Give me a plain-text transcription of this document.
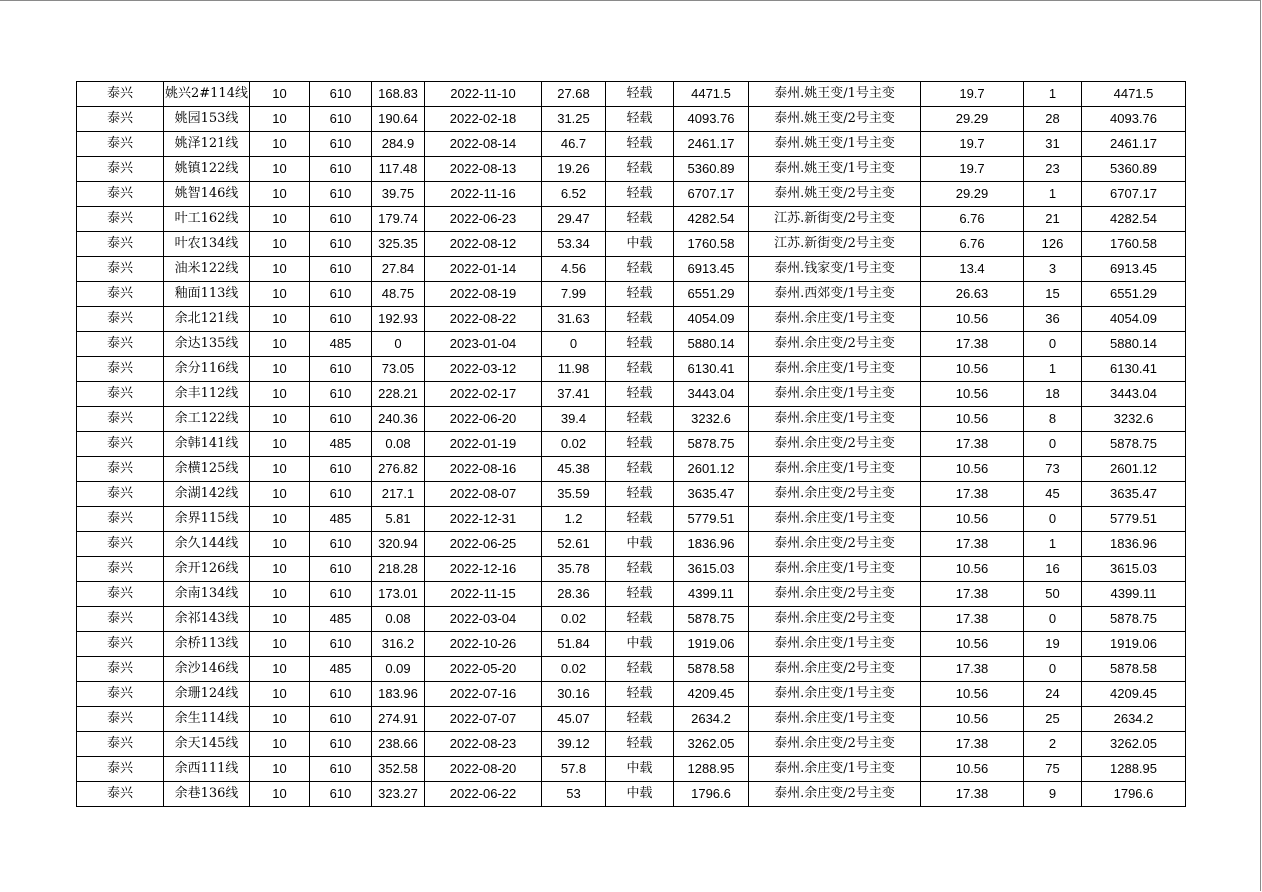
泰兴	姚兴2#114线	10	610	168.83	2022-11-10	27.68	轻载	4471.5	泰州.姚王变/1号主变	19.7	1	4471.5
泰兴	姚园153线	10	610	190.64	2022-02-18	31.25	轻载	4093.76	泰州.姚王变/2号主变	29.29	28	4093.76
泰兴	姚泽121线	10	610	284.9	2022-08-14	46.7	轻载	2461.17	泰州.姚王变/1号主变	19.7	31	2461.17
泰兴	姚镇122线	10	610	117.48	2022-08-13	19.26	轻载	5360.89	泰州.姚王变/1号主变	19.7	23	5360.89
泰兴	姚智146线	10	610	39.75	2022-11-16	6.52	轻载	6707.17	泰州.姚王变/2号主变	29.29	1	6707.17
泰兴	叶工162线	10	610	179.74	2022-06-23	29.47	轻载	4282.54	江苏.新街变/2号主变	6.76	21	4282.54
泰兴	叶农134线	10	610	325.35	2022-08-12	53.34	中载	1760.58	江苏.新街变/2号主变	6.76	126	1760.58
泰兴	油米122线	10	610	27.84	2022-01-14	4.56	轻载	6913.45	泰州.钱家变/1号主变	13.4	3	6913.45
泰兴	釉面113线	10	610	48.75	2022-08-19	7.99	轻载	6551.29	泰州.西郊变/1号主变	26.63	15	6551.29
泰兴	余北121线	10	610	192.93	2022-08-22	31.63	轻载	4054.09	泰州.余庄变/1号主变	10.56	36	4054.09
泰兴	余达135线	10	485	0	2023-01-04	0	轻载	5880.14	泰州.余庄变/2号主变	17.38	0	5880.14
泰兴	余分116线	10	610	73.05	2022-03-12	11.98	轻载	6130.41	泰州.余庄变/1号主变	10.56	1	6130.41
泰兴	余丰112线	10	610	228.21	2022-02-17	37.41	轻载	3443.04	泰州.余庄变/1号主变	10.56	18	3443.04
泰兴	余工122线	10	610	240.36	2022-06-20	39.4	轻载	3232.6	泰州.余庄变/1号主变	10.56	8	3232.6
泰兴	余韩141线	10	485	0.08	2022-01-19	0.02	轻载	5878.75	泰州.余庄变/2号主变	17.38	0	5878.75
泰兴	余横125线	10	610	276.82	2022-08-16	45.38	轻载	2601.12	泰州.余庄变/1号主变	10.56	73	2601.12
泰兴	余湖142线	10	610	217.1	2022-08-07	35.59	轻载	3635.47	泰州.余庄变/2号主变	17.38	45	3635.47
泰兴	余界115线	10	485	5.81	2022-12-31	1.2	轻载	5779.51	泰州.余庄变/1号主变	10.56	0	5779.51
泰兴	余久144线	10	610	320.94	2022-06-25	52.61	中载	1836.96	泰州.余庄变/2号主变	17.38	1	1836.96
泰兴	余开126线	10	610	218.28	2022-12-16	35.78	轻载	3615.03	泰州.余庄变/1号主变	10.56	16	3615.03
泰兴	余南134线	10	610	173.01	2022-11-15	28.36	轻载	4399.11	泰州.余庄变/2号主变	17.38	50	4399.11
泰兴	余祁143线	10	485	0.08	2022-03-04	0.02	轻载	5878.75	泰州.余庄变/2号主变	17.38	0	5878.75
泰兴	余桥113线	10	610	316.2	2022-10-26	51.84	中载	1919.06	泰州.余庄变/1号主变	10.56	19	1919.06
泰兴	余沙146线	10	485	0.09	2022-05-20	0.02	轻载	5878.58	泰州.余庄变/2号主变	17.38	0	5878.58
泰兴	余珊124线	10	610	183.96	2022-07-16	30.16	轻载	4209.45	泰州.余庄变/1号主变	10.56	24	4209.45
泰兴	余生114线	10	610	274.91	2022-07-07	45.07	轻载	2634.2	泰州.余庄变/1号主变	10.56	25	2634.2
泰兴	余天145线	10	610	238.66	2022-08-23	39.12	轻载	3262.05	泰州.余庄变/2号主变	17.38	2	3262.05
泰兴	余西111线	10	610	352.58	2022-08-20	57.8	中载	1288.95	泰州.余庄变/1号主变	10.56	75	1288.95
泰兴	余巷136线	10	610	323.27	2022-06-22	53	中载	1796.6	泰州.余庄变/2号主变	17.38	9	1796.6
